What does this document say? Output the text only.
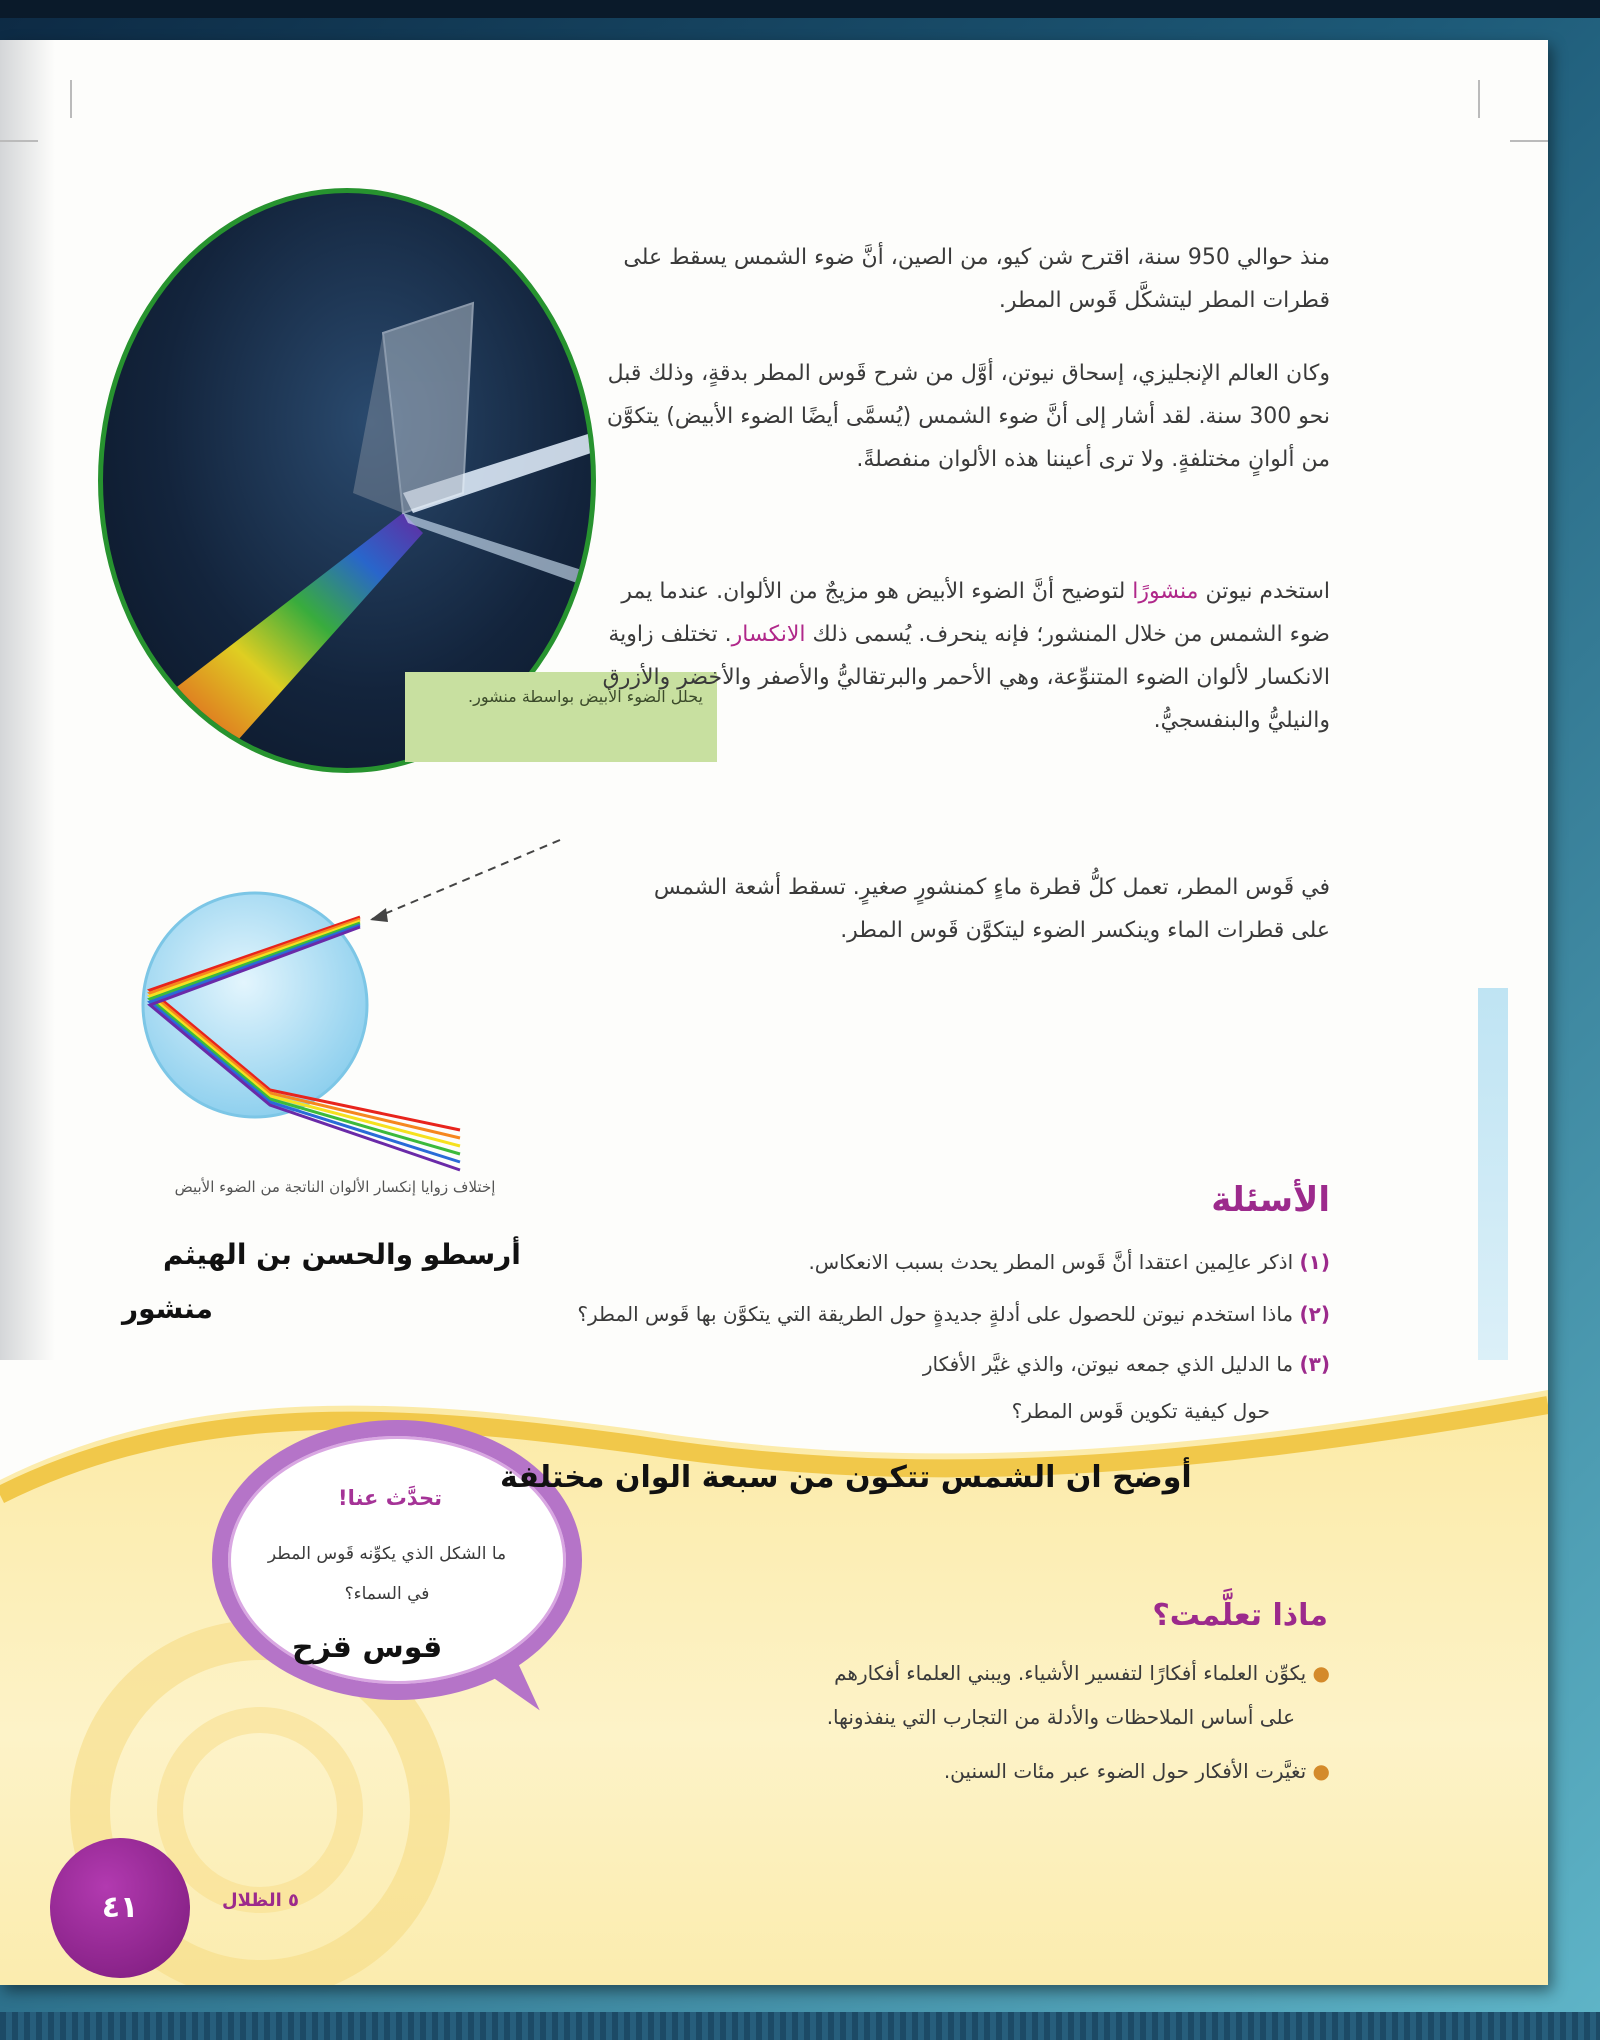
يحلل الضوء الأبيض بواسطة منشور.
إختلاف زوايا إنكسار الألوان الناتجة من الضوء الأبيض
منذ حوالي 950 سنة، اقترح شن كيو، من الصين، أنَّ ضوء الشمس يسقط على قطرات المطر ليتشكَّل قَوس المطر.
وكان العالم الإنجليزي، إسحاق نيوتن، أوَّل من شرح قَوس المطر بدقةٍ، وذلك قبل نحو 300 سنة. لقد أشار إلى أنَّ ضوء الشمس (يُسمَّى أيضًا الضوء الأبيض) يتكوَّن من ألوانٍ مختلفةٍ. ولا ترى أعيننا هذه الألوان منفصلةً.
استخدم نيوتن منشورًا لتوضيح أنَّ الضوء الأبيض هو مزيجٌ من الألوان. عندما يمر ضوء الشمس من خلال المنشور؛ فإنه ينحرف. يُسمى ذلك الانكسار. تختلف زاوية الانكسار لألوان الضوء المتنوِّعة، وهي الأحمر والبرتقاليُّ والأصفر والأخضر والأزرق والنيليُّ والبنفسجيُّ.
في قَوس المطر، تعمل كلُّ قطرة ماءٍ كمنشورٍ صغيرٍ. تسقط أشعة الشمس على قطرات الماء وينكسر الضوء ليتكوَّن قَوس المطر.
الأسئلة
(١) اذكر عالِمين اعتقدا أنَّ قَوس المطر يحدث بسبب الانعكاس.
(٢) ماذا استخدم نيوتن للحصول على أدلةٍ جديدةٍ حول الطريقة التي يتكوَّن بها قَوس المطر؟
(٣) ما الدليل الذي جمعه نيوتن، والذي غيَّر الأفكار
حول كيفية تكوين قَوس المطر؟
أرسطو والحسن بن الهيثم
منشور
تحدَّث عنا!
ما الشكل الذي يكوِّنه قَوس المطر في السماء؟
قوس قزح
أوضح ان الشمس تتكون من سبعة الوان مختلفة
ماذا تعلَّمت؟
● يكوِّن العلماء أفكارًا لتفسير الأشياء. ويبني العلماء أفكارهم
على أساس الملاحظات والأدلة من التجارب التي ينفذونها.
● تغيَّرت الأفكار حول الضوء عبر مئات السنين.
٤١	٥ الظلال
